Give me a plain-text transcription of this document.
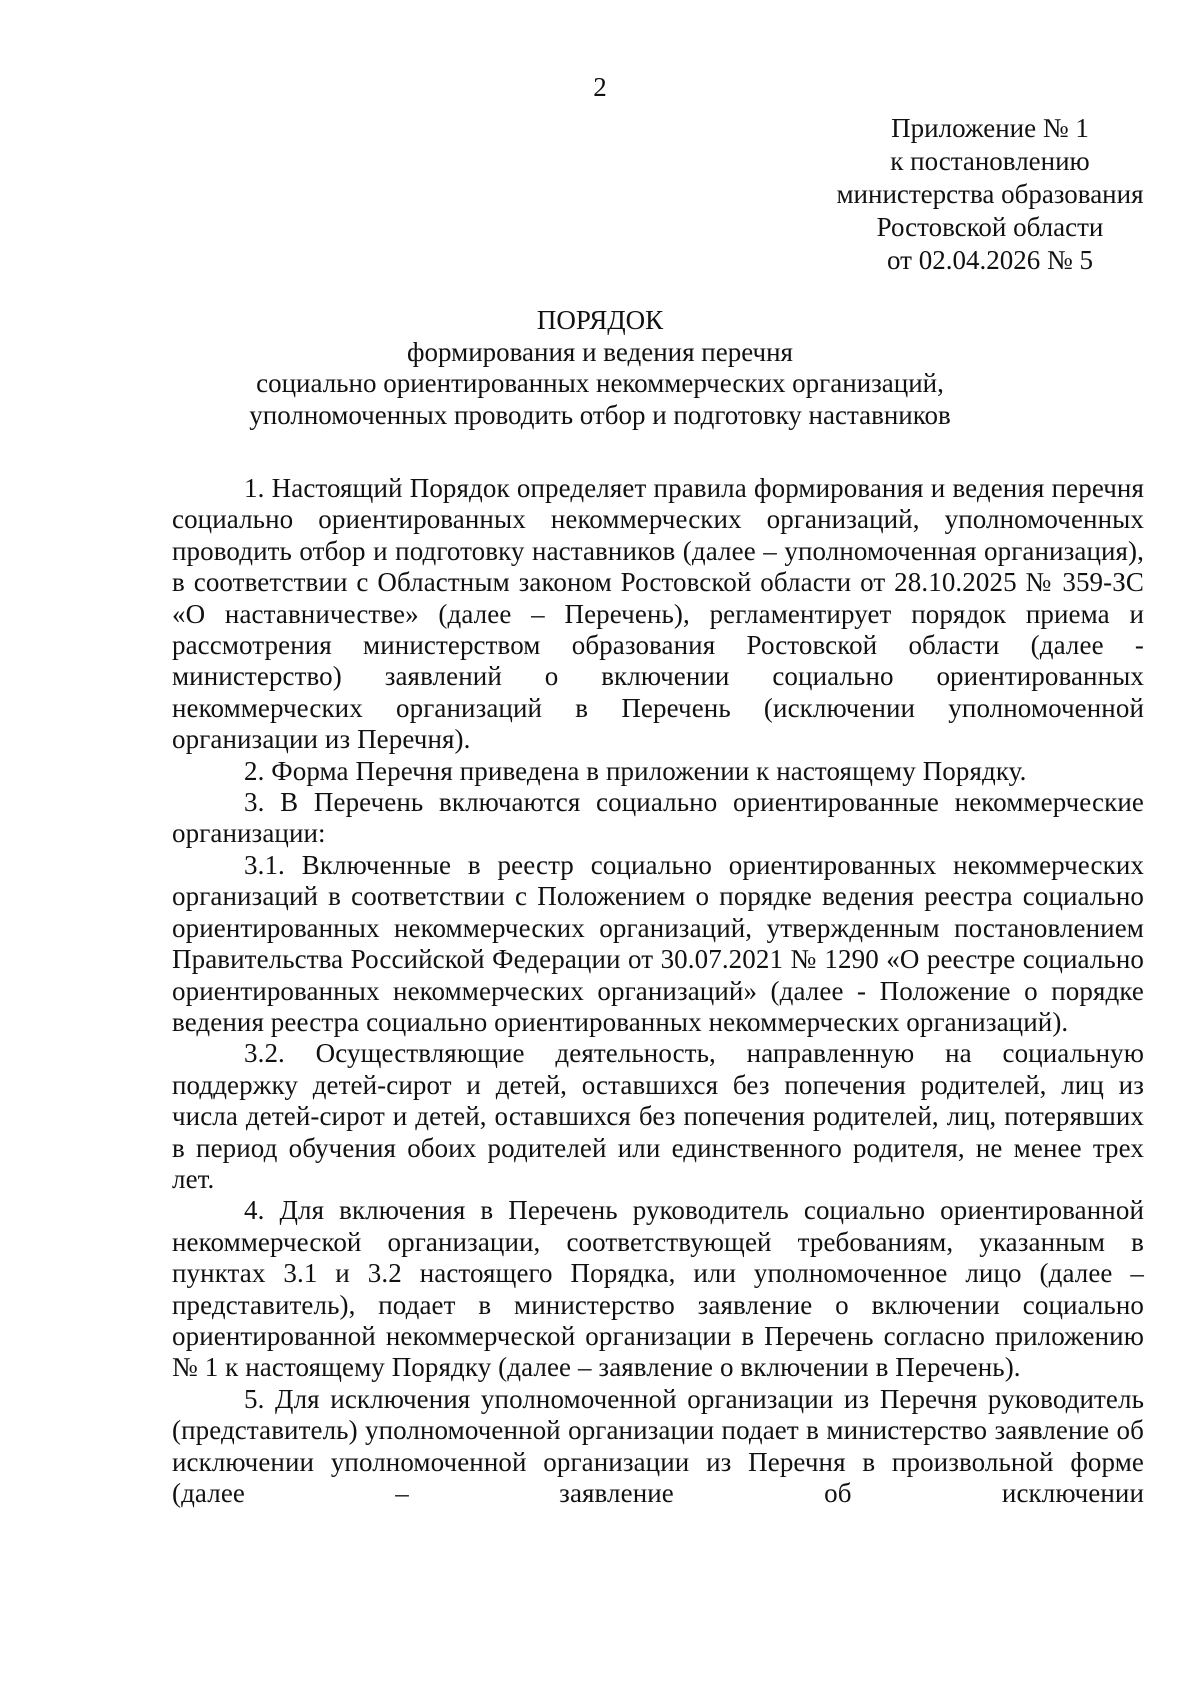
2
Приложение № 1
к постановлению
министерства образования
Ростовской области
от 02.04.2026 № 5
ПОРЯДОК
формирования и ведения перечня
социально ориентированных некоммерческих организаций,
уполномоченных проводить отбор и подготовку наставников

1. Настоящий Порядок определяет правила формирования и ведения перечня социально ориентированных некоммерческих организаций, уполномоченных проводить отбор и подготовку наставников (далее – уполномоченная организация), в соответствии с Областным законом Ростовской области от 28.10.2025 № 359-ЗС «О наставничестве» (далее – Перечень), регламентирует порядок приема и рассмотрения министерством образования Ростовской области (далее - министерство) заявлений о включении социально ориентированных некоммерческих организаций в Перечень (исключении уполномоченной организации из Перечня).

2. Форма Перечня приведена в приложении к настоящему Порядку.

3. В Перечень включаются социально ориентированные некоммерческие организации:

3.1. Включенные в реестр социально ориентированных некоммерческих организаций в соответствии с Положением о порядке ведения реестра социально ориентированных некоммерческих организаций, утвержденным постановлением Правительства Российской Федерации от 30.07.2021 № 1290 «О реестре социально ориентированных некоммерческих организаций» (далее - Положение о порядке ведения реестра социально ориентированных некоммерческих организаций).

3.2. Осуществляющие деятельность, направленную на социальную поддержку детей-сирот и детей, оставшихся без попечения родителей, лиц из числа детей-сирот и детей, оставшихся без попечения родителей, лиц, потерявших в период обучения обоих родителей или единственного родителя, не менее трех лет.

4. Для включения в Перечень руководитель социально ориентированной некоммерческой организации, соответствующей требованиям, указанным в пунктах 3.1 и 3.2 настоящего Порядка, или уполномоченное лицо (далее – представитель), подает в министерство заявление о включении социально ориентированной некоммерческой организации в Перечень согласно приложению № 1 к настоящему Порядку (далее – заявление о включении в Перечень).

5. Для исключения уполномоченной организации из Перечня руководитель (представитель) уполномоченной организации подает в министерство заявление об исключении уполномоченной организации из Перечня в произвольной форме (далее – заявление об исключении
